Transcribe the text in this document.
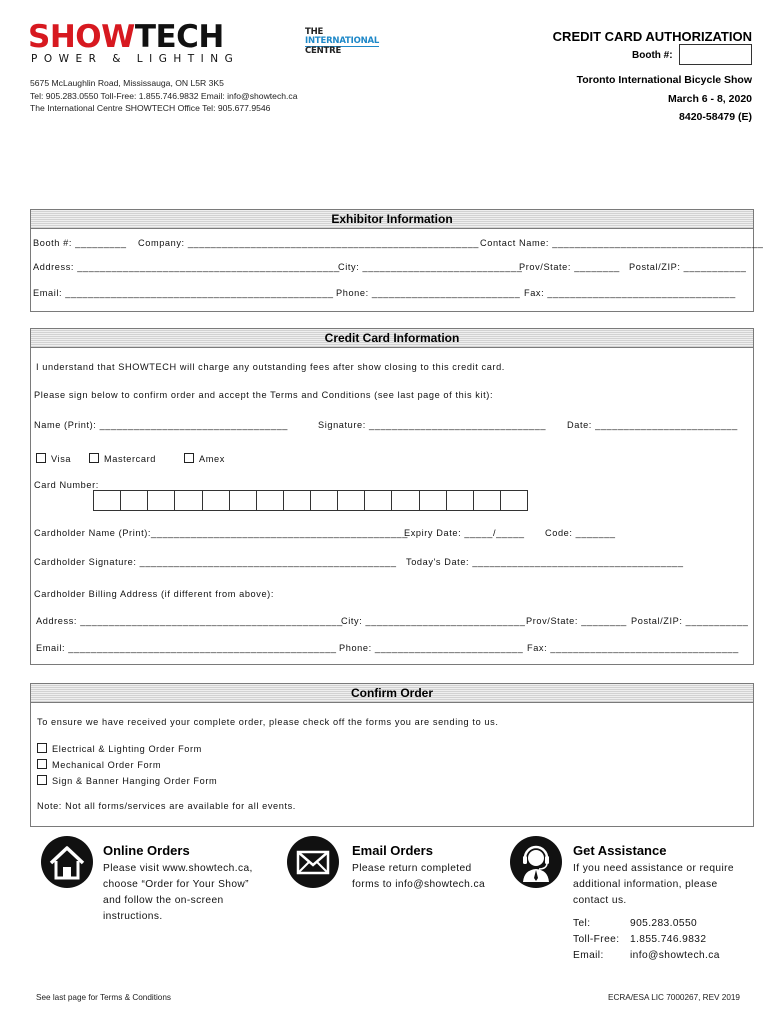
SHOWTECH
POWER & LIGHTING
THE
INTERNATIONAL
CENTRE
5675 McLaughlin Road, Mississauga, ON L5R 3K5
Tel: 905.283.0550 Toll-Free: 1.855.746.9832 Email: info@showtech.ca
The International Centre SHOWTECH Office Tel: 905.677.9546
CREDIT CARD AUTHORIZATION
Booth #:
Toronto International Bicycle Show
March 6 - 8, 2020
8420-58479 (E)
Exhibitor Information
Booth #: _________ Company: ___________________________________________________ Contact Name: _____________________________________
Address: ______________________________________________
City: ____________________________
Prov/State: ________ Postal/ZIP: ___________
Email: _______________________________________________ Phone: __________________________ Fax: _________________________________
Credit Card Information
I understand that SHOWTECH will charge any outstanding fees after show closing to this credit card.
Please sign below to confirm order and accept the Terms and Conditions (see last page of this kit):
Name (Print): _________________________________	Signature: _______________________________ Date: _________________________
Visa	Mastercard	Amex
Card Number:
Cardholder Name (Print):_____________________________________________
Expiry Date: _____/_____ Code: _______
Cardholder Signature: _____________________________________________ Today's Date: _____________________________________
Cardholder Billing Address (if different from above):
Address: ______________________________________________
City: ____________________________ Prov/State: ________ Postal/ZIP: ___________
Email: _______________________________________________ Phone: __________________________ Fax: _________________________________
Confirm Order
To ensure we have received your complete order, please check off the forms you are sending to us.
Electrical & Lighting Order Form
Mechanical Order Form
Sign & Banner Hanging Order Form
Note: Not all forms/services are available for all events.
Online Orders
Please visit www.showtech.ca,
choose “Order for Your Show”
and follow the on-screen
instructions.
Email Orders
Please return completed
forms to info@showtech.ca
Get Assistance
If you need assistance or require
additional information, please
contact us.
Tel:	905.283.0550
Toll-Free: 1.855.746.9832
Email:	info@showtech.ca
See last page for Terms & Conditions	ECRA/ESA LIC 7000267, REV 2019
